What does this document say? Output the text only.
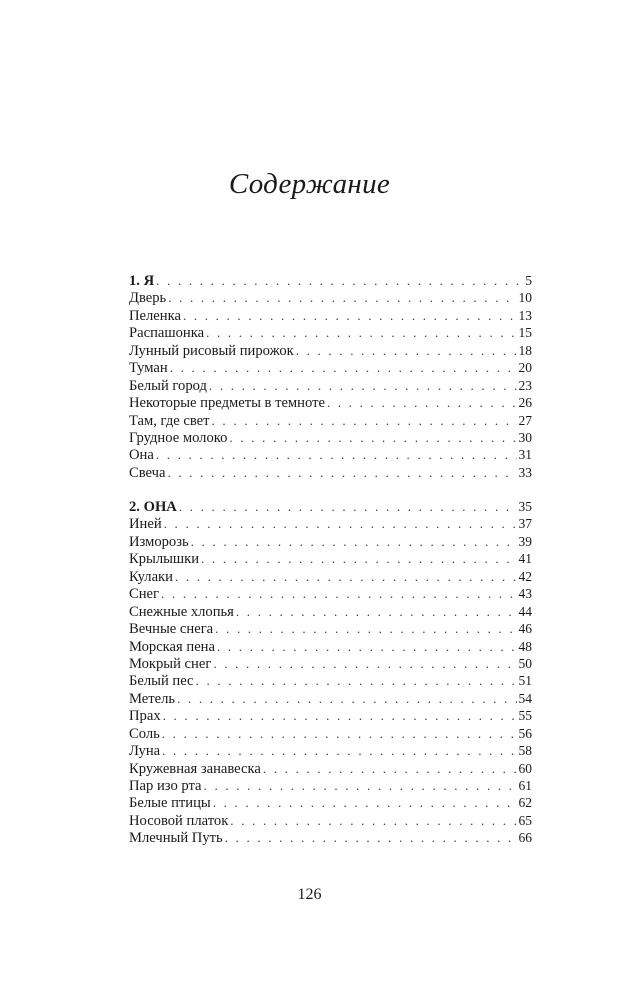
Содержание
1. Я . . .	5
Дверь . . .	10
Пеленка . . .	13
Распашонка . . .	15
Лунный рисовый пирожок . . .	18
Туман . . .	20
Белый город . . .	23
Некоторые предметы в темноте . . .	26
Там, где свет . . .	27
Грудное молоко . . .	30
Она . . .	31
Свеча . . .	33
2. ОНА . . .	35
Иней . . .	37
Изморозь . . .	39
Крылышки . . .	41
Кулаки . . .	42
Снег . . .	43
Снежные хлопья . . .	44
Вечные снега . . .	46
Морская пена . . .	48
Мокрый снег . . .	50
Белый пес . . .	51
Метель . . .	54
Прах . . .	55
Соль . . .	56
Луна . . .	58
Кружевная занавеска . . .	60
Пар изо рта . . .	61
Белые птицы . . .	62
Носовой платок . . .	65
Млечный Путь . . .	66
126
